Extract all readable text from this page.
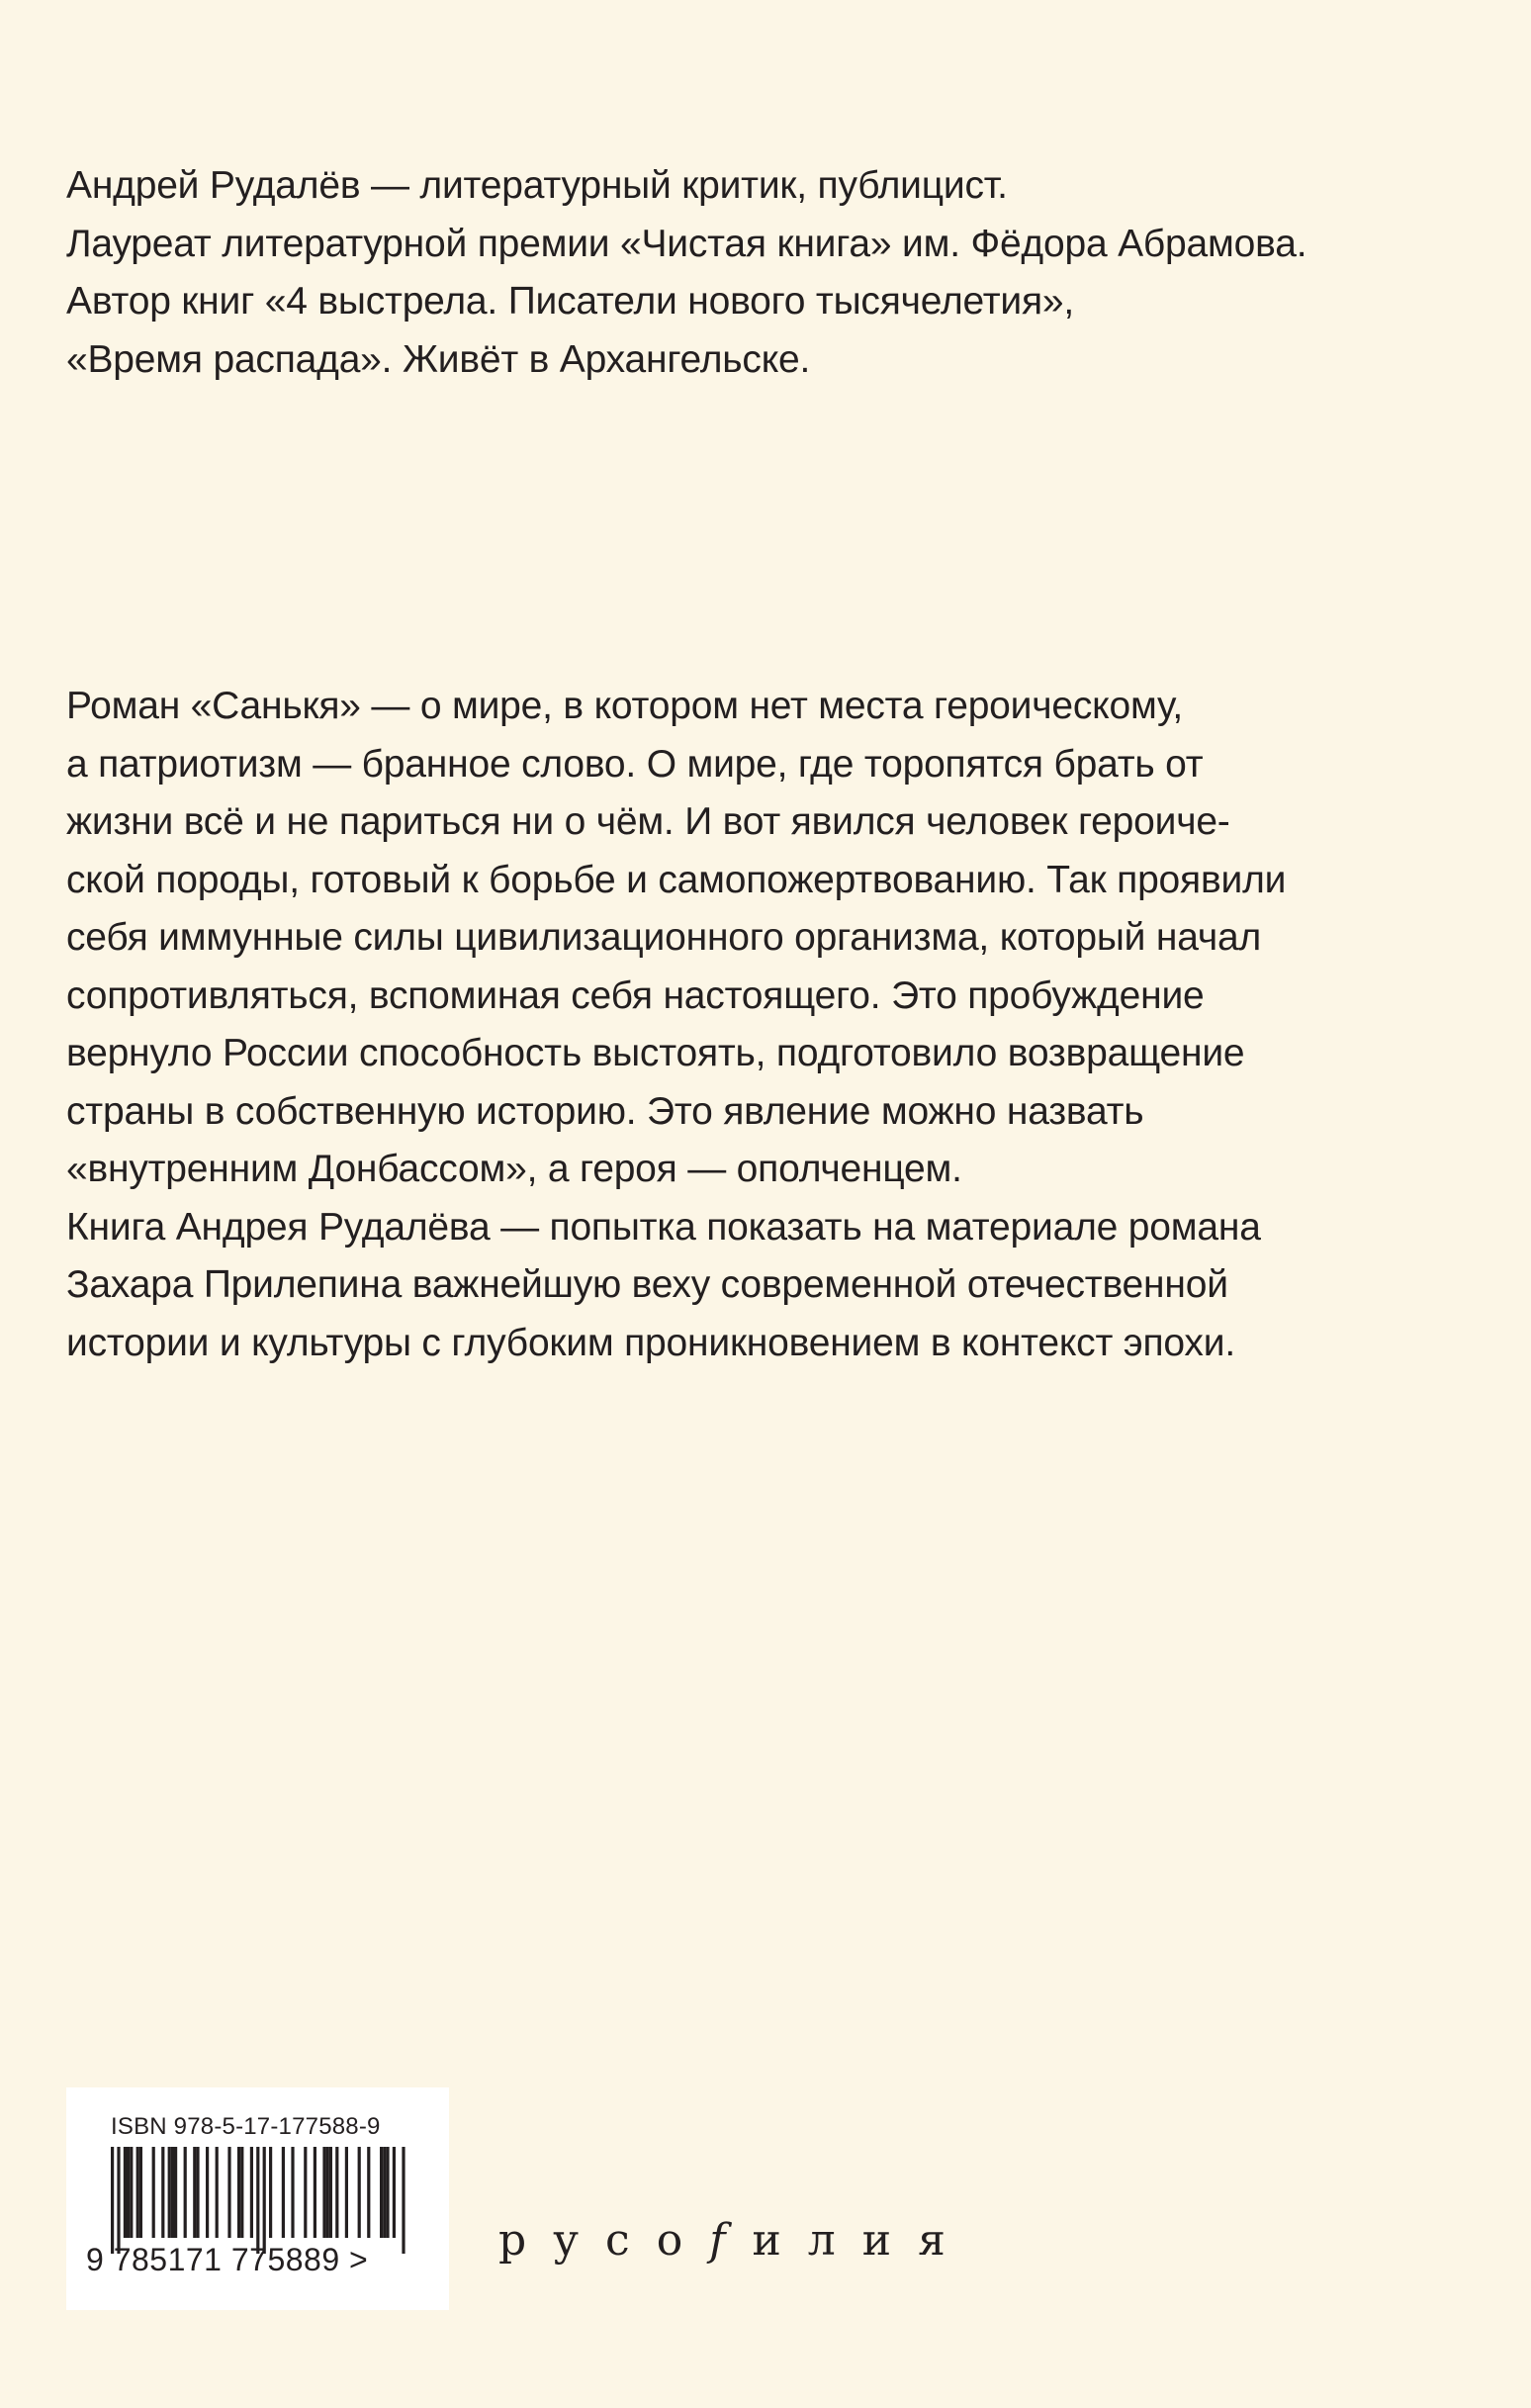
Андрей Рудалёв — литературный критик, публицист.
Лауреат литературной премии «Чистая книга» им. Фёдора Абрамова.
Автор книг «4 выстрела. Писатели нового тысячелетия»,
«Время распада». Живёт в Архангельске.
Роман «Санькя» — о мире, в котором нет места героическому,
а патриотизм — бранное слово. О мире, где торопятся брать от
жизни всё и не париться ни о чём. И вот явился человек героиче-
ской породы, готовый к борьбе и самопожертвованию. Так проявили
себя иммунные силы цивилизационного организма, который начал
сопротивляться, вспоминая себя настоящего. Это пробуждение
вернуло России способность выстоять, подготовило возвращение
страны в собственную историю. Это явление можно назвать
«внутренним Донбассом», а героя — ополченцем.
Книга Андрея Рудалёва — попытка показать на материале романа
Захара Прилепина важнейшую веху современной отечественной
истории и культуры с глубоким проникновением в контекст эпохи.
ISBN 978-5-17-177588-9
9 785171 775889 >	русоfилия
